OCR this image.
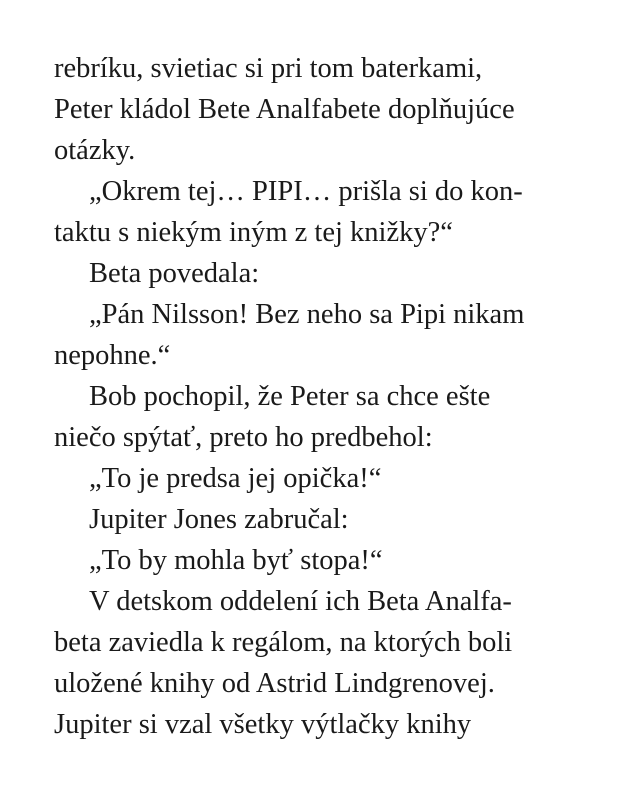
rebríku, svietiac si pri tom baterkami,
Peter kládol Bete Analfabete doplňujúce
otázky.
„Okrem tej… PIPI… prišla si do kon-
taktu s niekým iným z tej knižky?“
Beta povedala:
„Pán Nilsson! Bez neho sa Pipi nikam
nepohne.“
Bob pochopil, že Peter sa chce ešte
niečo spýtať, preto ho predbehol:
„To je predsa jej opička!“
Jupiter Jones zabručal:
„To by mohla byť stopa!“
V detskom oddelení ich Beta Analfa-
beta zaviedla k regálom, na ktorých boli
uložené knihy od Astrid Lindgrenovej.
Jupiter si vzal všetky výtlačky knihy
